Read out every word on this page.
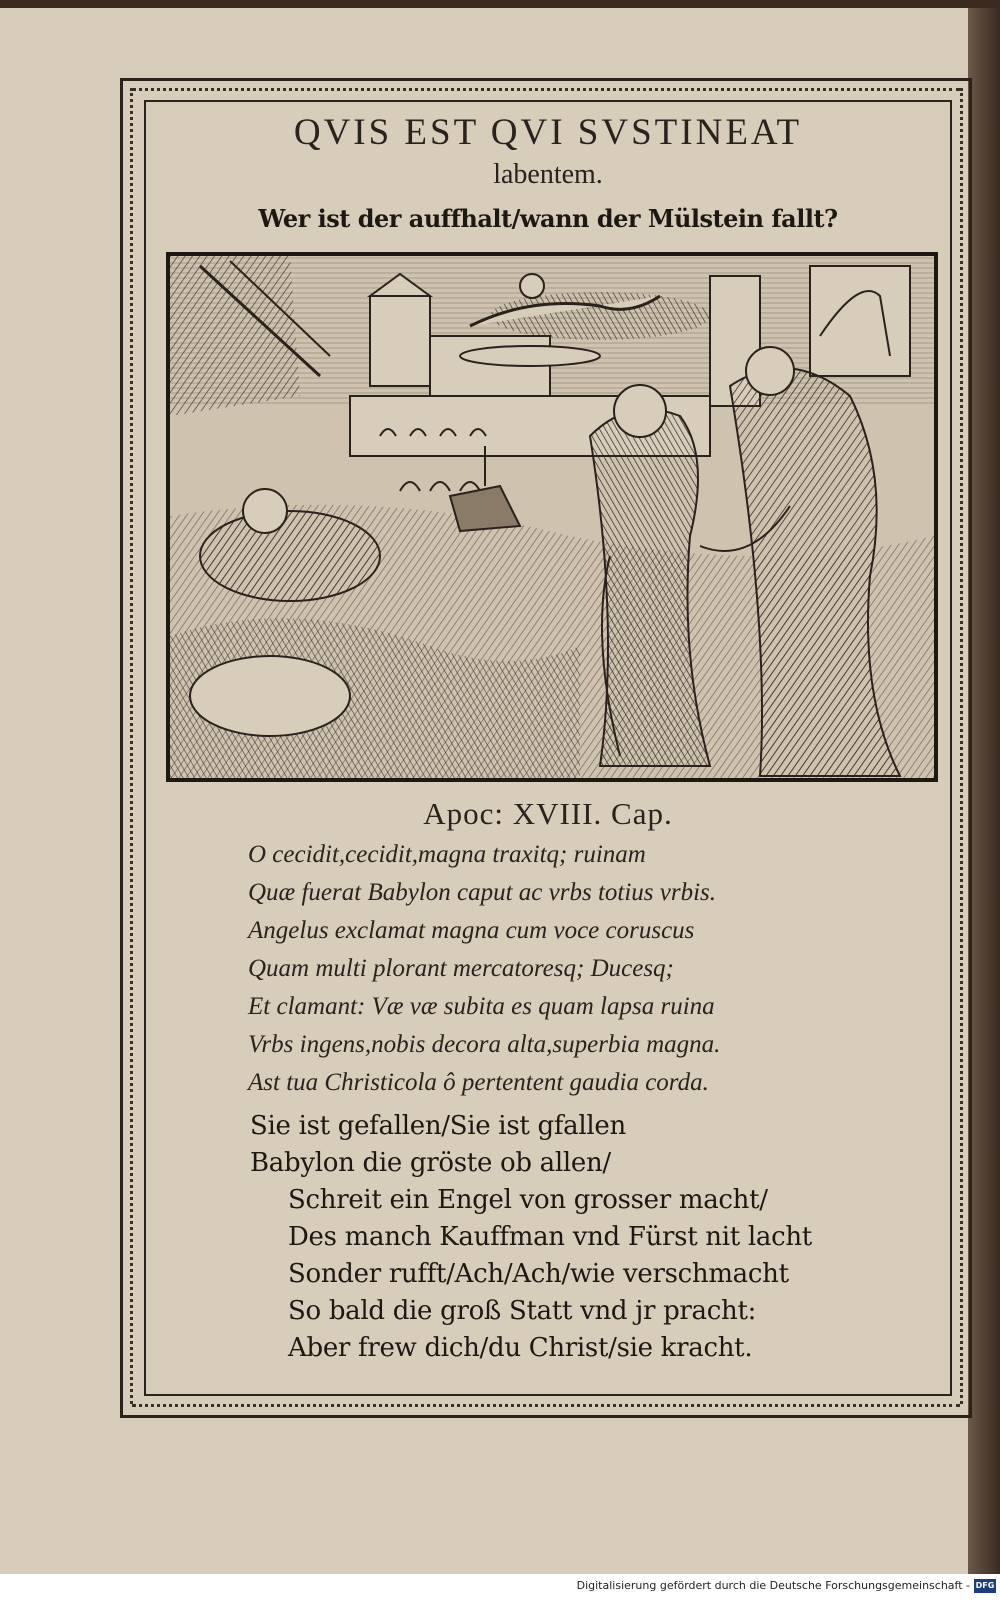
QVIS EST QVI SVSTINEAT
labentem.
Wer ist der auffhalt/wann der Mülstein fallt?
Apoc: XVIII. Cap.
O cecidit,cecidit,magna traxitq; ruinam
Quæ fuerat Babylon caput ac vrbs totius vrbis.
Angelus exclamat magna cum voce coruscus
Quam multi plorant mercatoresq; Ducesq;
Et clamant: Væ væ subita es quam lapsa ruina
Vrbs ingens,nobis decora alta,superbia magna.
Ast tua Christicola ô pertentent gaudia corda.
Sie ist gefallen/Sie ist gfallen
Babylon die gröste ob allen/
Schreit ein Engel von grosser macht/
Des manch Kauffman vnd Fürst nit lacht
Sonder rufft/Ach/Ach/wie verschmacht
So bald die groß Statt vnd jr pracht:
Aber frew dich/du Christ/sie kracht.
Digitalisierung gefördert durch die Deutsche Forschungsgemeinschaft - DFG
